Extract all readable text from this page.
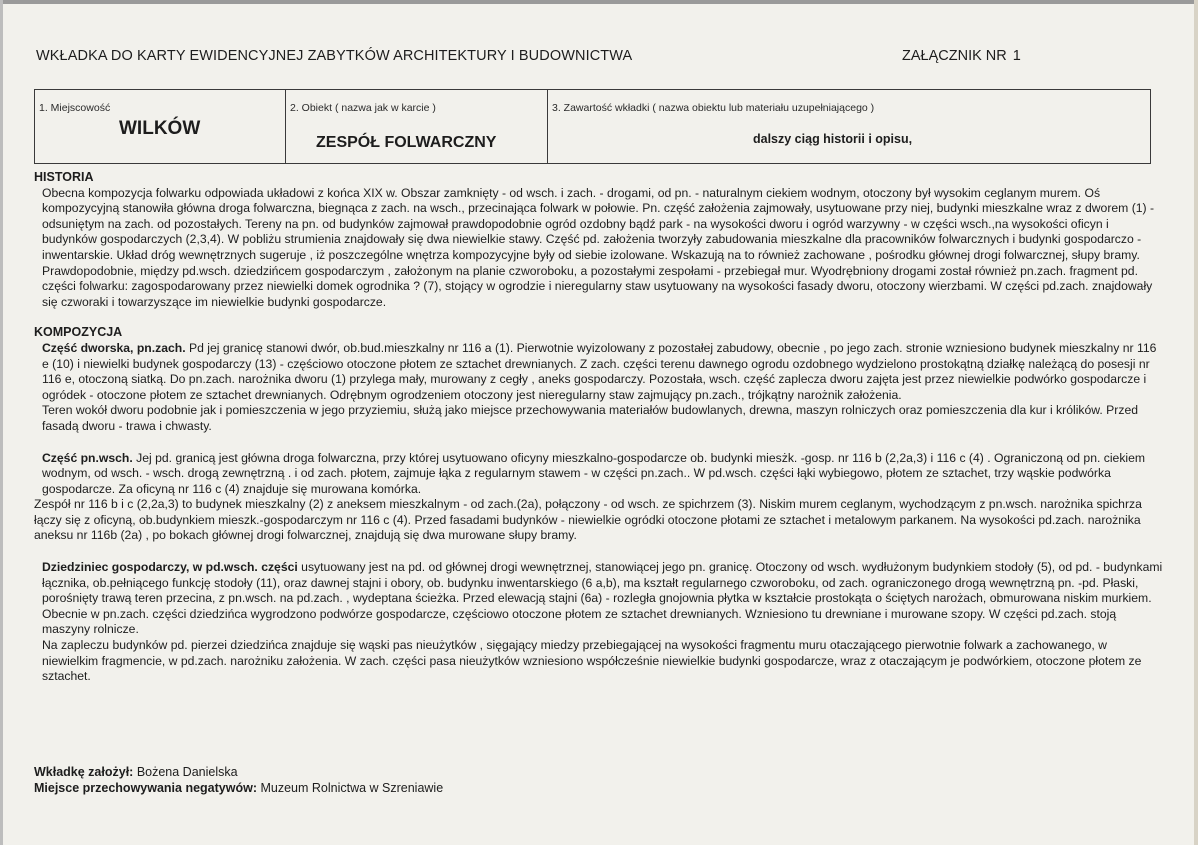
WKŁADKA DO KARTY EWIDENCYJNEJ ZABYTKÓW ARCHITEKTURY I BUDOWNICTWA	ZAŁĄCZNIK NR 1
1. Miejscowość
WILKÓW
2. Obiekt ( nazwa jak w karcie )
ZESPÓŁ FOLWARCZNY
3. Zawartość wkładki ( nazwa obiektu lub materiału uzupełniającego )
dalszy ciąg historii i opisu,

HISTORIA

Obecna kompozycja folwarku odpowiada układowi z końca XIX w. Obszar zamknięty - od wsch. i zach. - drogami, od pn. - naturalnym ciekiem wodnym, otoczony był wysokim ceglanym murem. Oś kompozycyjną stanowiła główna droga folwarczna, biegnąca z zach. na wsch., przecinająca folwark w połowie. Pn. część założenia zajmowały, usytuowane przy niej, budynki mieszkalne wraz z dworem (1) - odsuniętym na zach. od pozostałych. Tereny na pn. od budynków zajmował prawdopodobnie ogród ozdobny bądź park - na wysokości dworu i ogród warzywny - w części wsch.,na wysokości oficyn i budynków gospodarczych (2,3,4). W pobliżu strumienia znajdowały się dwa niewielkie stawy. Część pd. założenia tworzyły zabudowania mieszkalne dla pracowników folwarcznych i budynki gospodarczo - inwentarskie. Układ dróg wewnętrznych sugeruje , iż poszczególne wnętrza kompozycyjne były od siebie izolowane. Wskazują na to również zachowane , pośrodku głównej drogi folwarcznej, słupy bramy. Prawdopodobnie, między pd.wsch. dziedzińcem gospodarczym , założonym na planie czworoboku, a pozostałymi zespołami - przebiegał mur. Wyodrębniony drogami został również pn.zach. fragment pd. części folwarku: zagospodarowany przez niewielki domek ogrodnika ? (7), stojący w ogrodzie i nieregularny staw usytuowany na wysokości fasady dworu, otoczony wierzbami. W części pd.zach. znajdowały się czworaki i towarzyszące im niewielkie budynki gospodarcze.

KOMPOZYCJA

Część dworska, pn.zach. Pd jej granicę stanowi dwór, ob.bud.mieszkalny nr 116 a (1). Pierwotnie wyizolowany z pozostałej zabudowy, obecnie , po jego zach. stronie wzniesiono budynek mieszkalny nr 116 e (10) i niewielki budynek gospodarczy (13) - częściowo otoczone płotem ze sztachet drewnianych. Z zach. części terenu dawnego ogrodu ozdobnego wydzielono prostokątną działkę należącą do posesji nr 116 e, otoczoną siatką. Do pn.zach. narożnika dworu (1) przylega mały, murowany z cegły , aneks gospodarczy. Pozostała, wsch. część zaplecza dworu zajęta jest przez niewielkie podwórko gospodarcze i ogródek - otoczone płotem ze sztachet drewnianych. Odrębnym ogrodzeniem otoczony jest nieregularny staw zajmujący pn.zach., trójkątny narożnik założenia.

Teren wokół dworu podobnie jak i pomieszczenia w jego przyziemiu, służą jako miejsce przechowywania materiałów budowlanych, drewna, maszyn rolniczych oraz pomieszczenia dla kur i królików. Przed fasadą dworu - trawa i chwasty.

Część pn.wsch. Jej pd. granicą jest główna droga folwarczna, przy której usytuowano oficyny mieszkalno-gospodarcze ob. budynki miesżk. -gosp. nr 116 b (2,2a,3) i 116 c (4) . Ograniczoną od pn. ciekiem wodnym, od wsch. - wsch. drogą zewnętrzną . i od zach. płotem, zajmuje łąka z regularnym stawem - w części pn.zach.. W pd.wsch. części łąki wybiegowo, płotem ze sztachet, trzy wąskie podwórka gospodarcze. Za oficyną nr 116 c (4) znajduje się murowana komórka.

Zespół nr 116 b i c (2,2a,3) to budynek mieszkalny (2) z aneksem mieszkalnym - od zach.(2a), połączony - od wsch. ze spichrzem (3). Niskim murem ceglanym, wychodzącym z pn.wsch. narożnika spichrza łączy się z oficyną, ob.budynkiem mieszk.-gospodarczym nr 116 c (4). Przed fasadami budynków - niewielkie ogródki otoczone płotami ze sztachet i metalowym parkanem. Na wysokości pd.zach. narożnika aneksu nr 116b (2a) , po bokach głównej drogi folwarcznej, znajdują się dwa murowane słupy bramy.

Dziedziniec gospodarczy, w pd.wsch. części usytuowany jest na pd. od głównej drogi wewnętrznej, stanowiącej jego pn. granicę. Otoczony od wsch. wydłużonym budynkiem stodoły (5), od pd. - budynkami łącznika, ob.pełniącego funkcję stodoły (11), oraz dawnej stajni i obory, ob. budynku inwentarskiego (6 a,b), ma kształt regularnego czworoboku, od zach. ograniczonego drogą wewnętrzną pn. -pd. Płaski, porośnięty trawą teren przecina, z pn.wsch. na pd.zach. , wydeptana ścieżka. Przed elewacją stajni (6a) - rozległa gnojownia płytka w kształcie prostokąta o ściętych narożach, obmurowana niskim murkiem. Obecnie w pn.zach. części dziedzińca wygrodzono podwórze gospodarcze, częściowo otoczone płotem ze sztachet drewnianych. Wzniesiono tu drewniane i murowane szopy. W części pd.zach. stoją maszyny rolnicze.

Na zapleczu budynków pd. pierzei dziedzińca znajduje się wąski pas nieużytków , sięgający miedzy przebiegającej na wysokości fragmentu muru otaczającego pierwotnie folwark a zachowanego, w niewielkim fragmencie, w pd.zach. narożniku założenia. W zach. części pasa nieużytków wzniesiono współcześnie niewielkie budynki gospodarcze, wraz z otaczającym je podwórkiem, otoczone płotem ze sztachet.

Wkładkę założył: Bożena Danielska
Miejsce przechowywania negatywów: Muzeum Rolnictwa w Szreniawie
